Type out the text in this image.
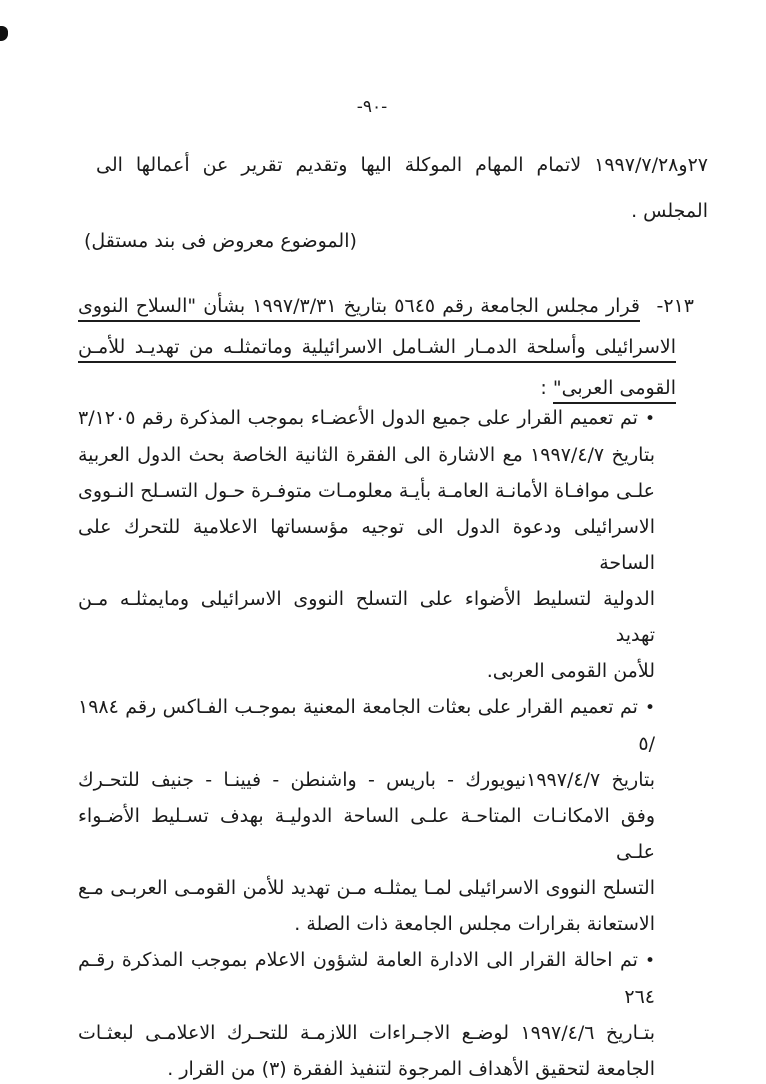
-٩٠-
٢٧و١٩٩٧/٧/٢٨ لاتمام المهام الموكلة اليها وتقديم تقرير عن أعمالها الى
المجلس .
(الموضوع معروض فى بند مستقل)
٢١٣-
قرار مجلس الجامعة رقم ٥٦٤٥ بتاريخ ١٩٩٧/٣/٣١ بشأن "السلاح النووى
الاسرائيلى وأسلحة الدمـار الشـامل الاسرائيلية وماتمثلـه من تهديـد للأمـن
القومى العربى" :
•تم تعميم القرار على جميع الدول الأعضـاء بموجب المذكرة رقم ٣/١٢٠٥
بتاريخ ١٩٩٧/٤/٧ مع الاشارة الى الفقرة الثانية الخاصة بحث الدول العربية
علـى موافـاة الأمانـة العامـة بأيـة معلومـات متوفـرة حـول التسـلح النـووى
الاسرائيلى ودعوة الدول الى توجيه مؤسساتها الاعلامية للتحرك على الساحة
الدولية لتسليط الأضواء على التسلح النووى الاسرائيلى ومايمثلـه مـن تهديد
للأمن القومى العربى.
•تم تعميم القرار على بعثات الجامعة المعنية بموجـب الفـاكس رقم ١٩٨٤ /٥
بتاريخ ١٩٩٧/٤/٧نيويورك - باريس - واشنطن - فيينـا - جنيف للتحـرك
وفق الامكانـات المتاحـة علـى الساحة الدوليـة بهدف تسـليط الأضـواء علـى
التسلح النووى الاسرائيلى لمـا يمثلـه مـن تهديد للأمن القومـى العربـى مـع
الاستعانة بقرارات مجلس الجامعة ذات الصلة .
•تم احالة القرار الى الادارة العامة لشؤون الاعلام بموجب المذكرة رقـم ٢٦٤
بتـاريخ ١٩٩٧/٤/٦ لوضـع الاجـراءات اللازمـة للتحـرك الاعلامـى لبعثـات
الجامعة لتحقيق الأهداف المرجوة لتنفيذ الفقرة (٣) من القرار .
